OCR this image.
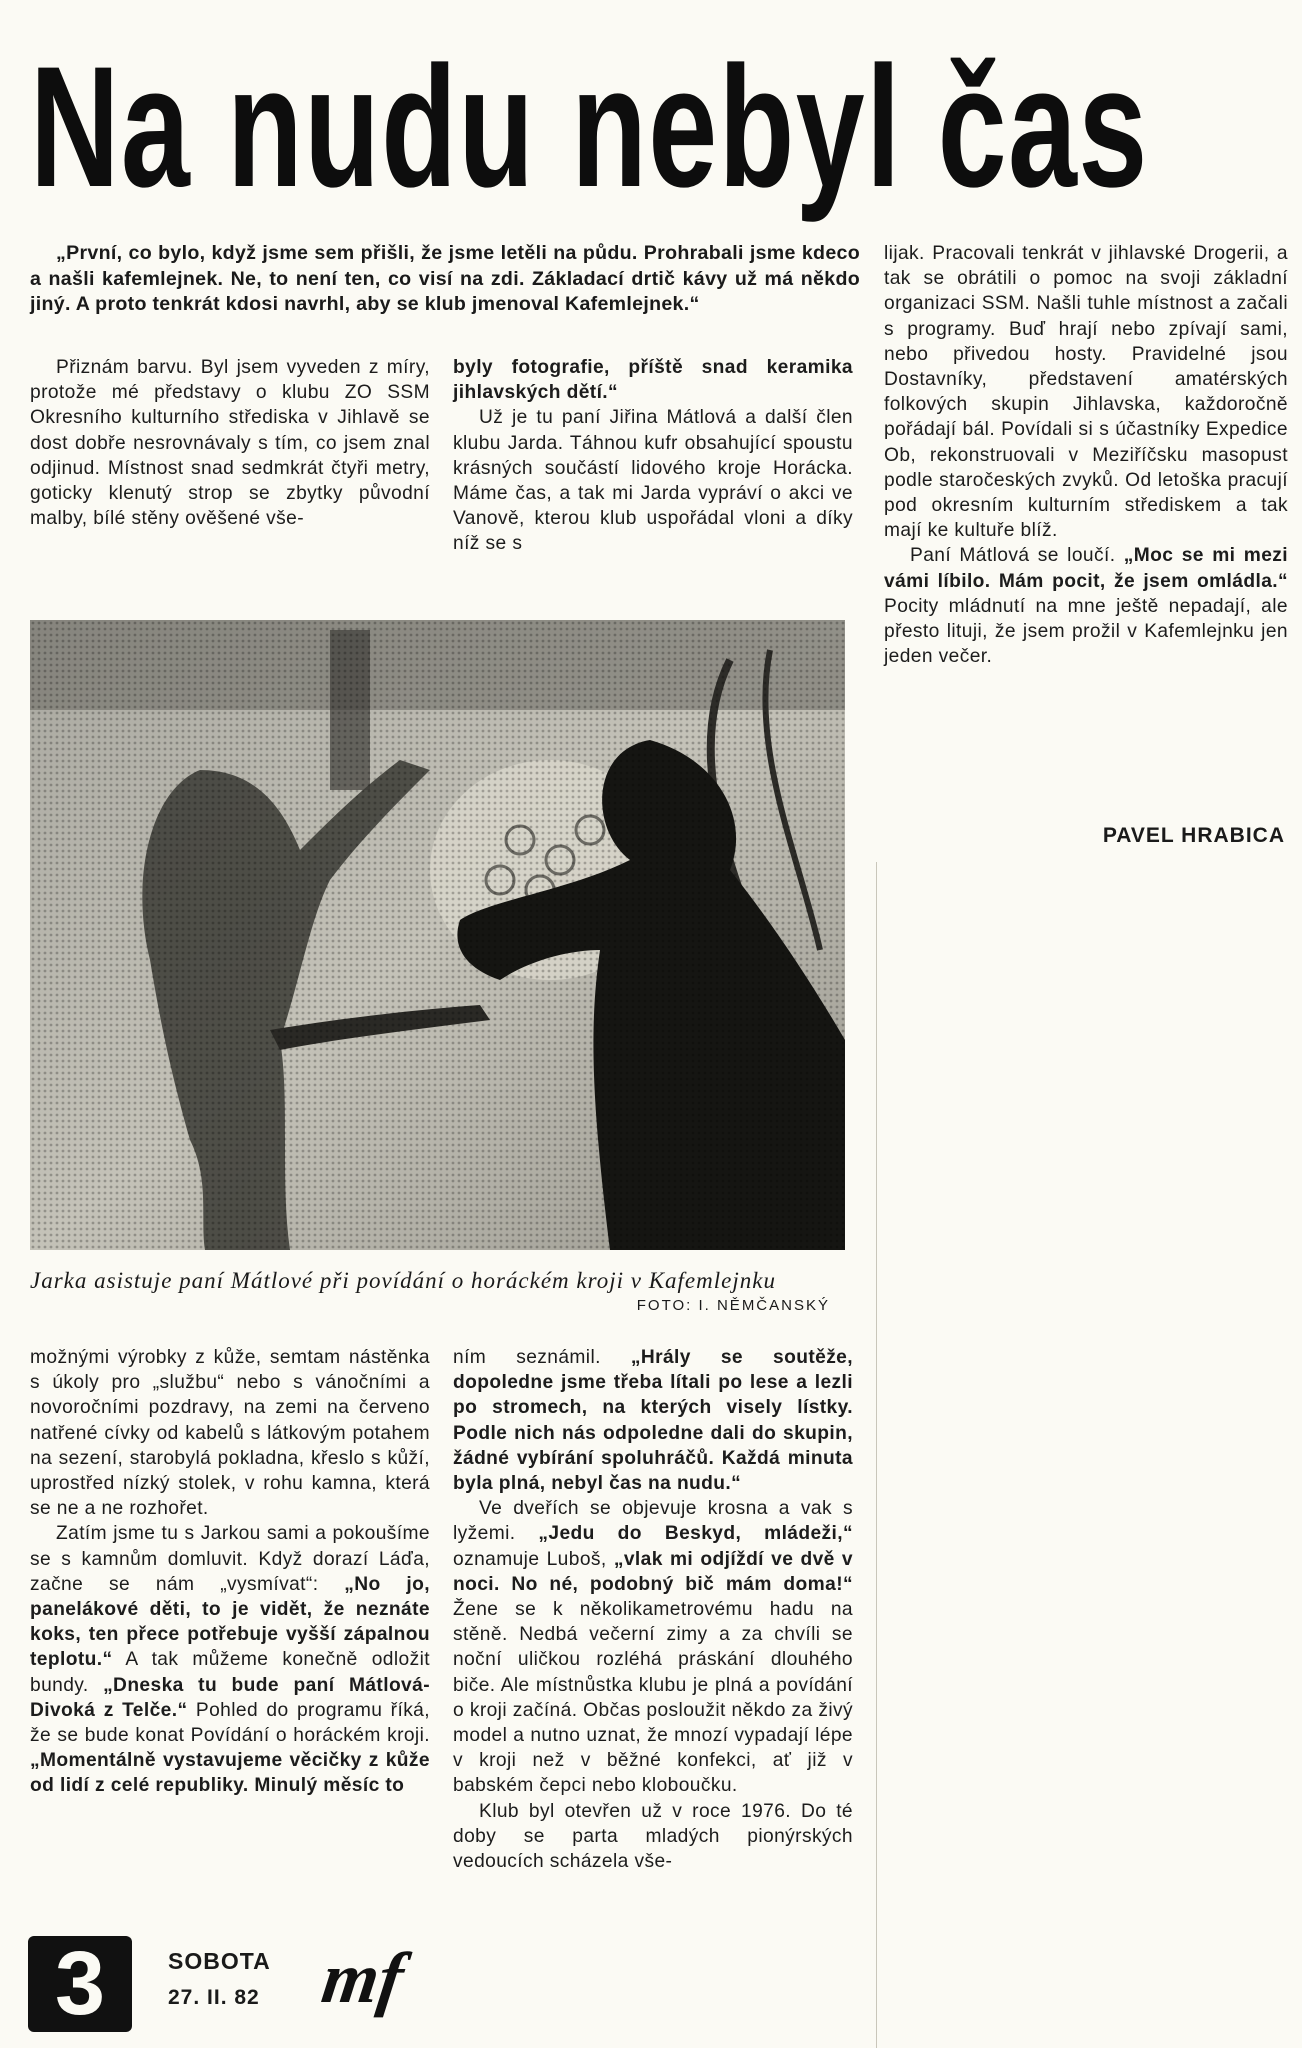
Na nudu nebyl čas

„První, co bylo, když jsme sem přišli, že jsme letěli na půdu. Prohrabali jsme kdeco a našli kafemlejnek. Ne, to není ten, co visí na zdi. Základací drtič kávy už má někdo jiný. A proto tenkrát kdosi navrhl, aby se klub jmenoval Kafemlejnek.“

Přiznám barvu. Byl jsem vyveden z míry, protože mé představy o klubu ZO SSM Okresního kulturního střediska v Jihlavě se dost dobře nesrovnávaly s tím, co jsem znal odjinud. Místnost snad sedmkrát čtyři metry, goticky klenutý strop se zbytky původní malby, bílé stěny ověšené vše-

byly fotografie, příště snad keramika jihlavských dětí.“

Už je tu paní Jiřina Mátlová a další člen klubu Jarda. Táhnou kufr obsahující spoustu krásných součástí lidového kroje Horácka. Máme čas, a tak mi Jarda vypráví o akci ve Vanově, kterou klub uspořádal vloni a díky níž se s

lijak. Pracovali tenkrát v jihlavské Drogerii, a tak se obrátili o pomoc na svoji základní organizaci SSM. Našli tuhle místnost a začali s programy. Buď hrají nebo zpívají sami, nebo přivedou hosty. Pravidelné jsou Dostavníky, představení amatérských folkových skupin Jihlavska, každoročně pořádají bál. Povídali si s účastníky Expedice Ob, rekonstruovali v Meziříčsku masopust podle staročeských zvyků. Od letoška pracují pod okresním kulturním střediskem a tak mají ke kultuře blíž.

Paní Mátlová se loučí. „Moc se mi mezi vámi líbilo. Mám pocit, že jsem omládla.“ Pocity mládnutí na mne ještě nepadají, ale přesto lituji, že jsem prožil v Kafemlejnku jen jeden večer.

PAVEL HRABICA
Jarka asistuje paní Mátlové při povídání o horáckém kroji v Kafemlejnku
FOTO: I. NĚMČANSKÝ

možnými výrobky z kůže, semtam nástěnka s úkoly pro „službu“ nebo s vánočními a novoročními pozdravy, na zemi na červeno natřené cívky od kabelů s látkovým potahem na sezení, starobylá pokladna, křeslo s kůží, uprostřed nízký stolek, v rohu kamna, která se ne a ne rozhořet.

Zatím jsme tu s Jarkou sami a pokoušíme se s kamnům domluvit. Když dorazí Láďa, začne se nám „vysmívat“: „No jo, panelákové děti, to je vidět, že neznáte koks, ten přece potřebuje vyšší zápalnou teplotu.“ A tak můžeme konečně odložit bundy. „Dneska tu bude paní Mátlová-Divoká z Telče.“ Pohled do programu říká, že se bude konat Povídání o horáckém kroji. „Momentálně vystavujeme věcičky z kůže od lidí z celé republiky. Minulý měsíc to

ním seznámil. „Hrály se soutěže, dopoledne jsme třeba lítali po lese a lezli po stromech, na kterých visely lístky. Podle nich nás odpoledne dali do skupin, žádné vybírání spoluhráčů. Každá minuta byla plná, nebyl čas na nudu.“

Ve dveřích se objevuje krosna a vak s lyžemi. „Jedu do Beskyd, mládeži,“ oznamuje Luboš, „vlak mi odjíždí ve dvě v noci. No né, podobný bič mám doma!“ Žene se k několikametrovému hadu na stěně. Nedbá večerní zimy a za chvíli se noční uličkou rozléhá práskání dlouhého biče. Ale místnůstka klubu je plná a povídání o kroji začíná. Občas posloužit někdo za živý model a nutno uznat, že mnozí vypadají lépe v kroji než v běžné konfekci, ať již v babském čepci nebo kloboučku.

Klub byl otevřen už v roce 1976. Do té doby se parta mladých pionýrských vedoucích scházela vše-

3	SOBOTA
27. II. 82 mf
